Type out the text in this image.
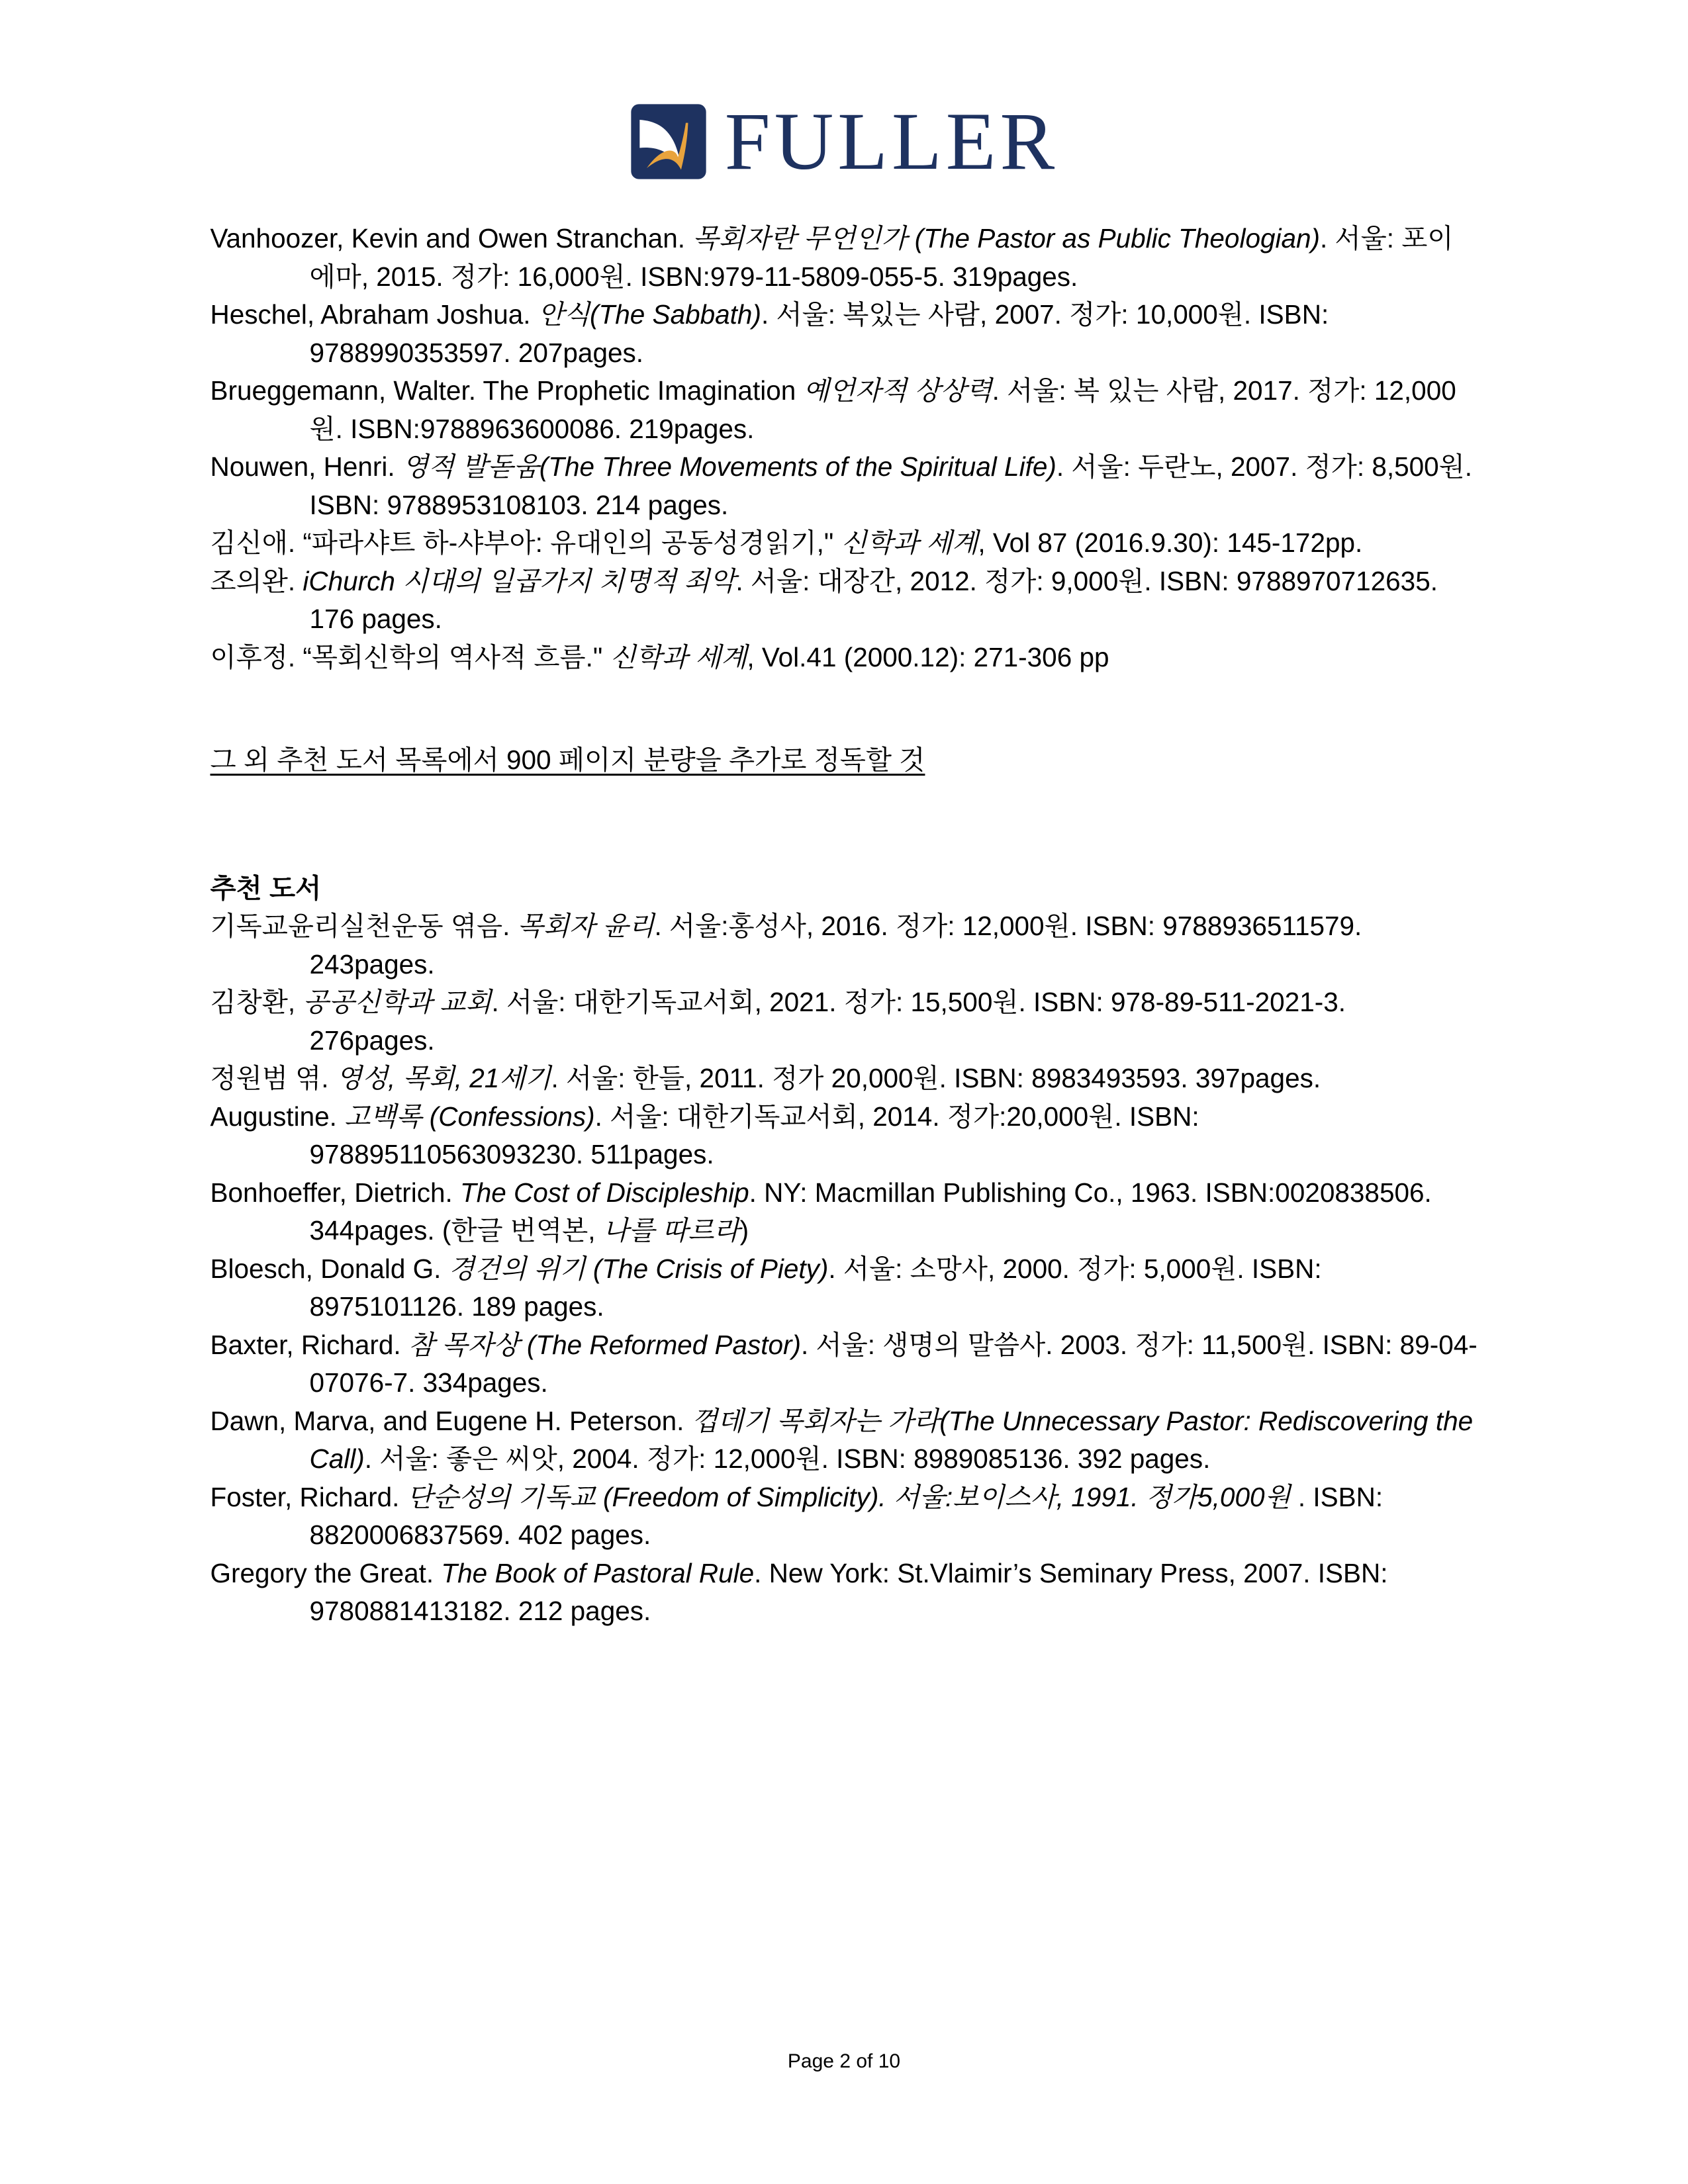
FULLER

Vanhoozer, Kevin and Owen Stranchan. 목회자란 무언인가 (The Pastor as Public Theologian). 서울: 포이에마, 2015. 정가: 16,000원. ISBN:979-11-5809-055-5. 319pages.

Heschel, Abraham Joshua. 안식(The Sabbath). 서울: 복있는 사람, 2007. 정가: 10,000원. ISBN: 9788990353597. 207pages.

Brueggemann, Walter. The Prophetic Imagination 예언자적 상상력. 서울: 복 있는 사람, 2017. 정가: 12,000원. ISBN:9788963600086. 219pages.

Nouwen, Henri. 영적 발돋움(The Three Movements of the Spiritual Life). 서울: 두란노, 2007. 정가: 8,500원. ISBN: 9788953108103. 214 pages.

김신애. “파라샤트 하-샤부아: 유대인의 공동성경읽기," 신학과 세계, Vol 87 (2016.9.30): 145-172pp.

조의완. iChurch 시대의 일곱가지 치명적 죄악. 서울: 대장간, 2012. 정가: 9,000원. ISBN: 9788970712635. 176 pages.

이후정. “목회신학의 역사적 흐름." 신학과 세계, Vol.41 (2000.12): 271-306 pp

그 외 추천 도서 목록에서 900 페이지 분량을 추가로 정독할 것

추천 도서

기독교윤리실천운동 엮음. 목회자 윤리. 서울:홍성사, 2016. 정가: 12,000원. ISBN: 9788936511579. 243pages.

김창환, 공공신학과 교회. 서울: 대한기독교서회, 2021. 정가: 15,500원. ISBN: 978-89-511-2021-3. 276pages.

정원범 엮. 영성, 목회, 21세기. 서울: 한들, 2011. 정가 20,000원. ISBN: 8983493593. 397pages.

Augustine. 고백록 (Confessions). 서울: 대한기독교서회, 2014. 정가:20,000원. ISBN: 978895110563093230. 511pages.

Bonhoeffer, Dietrich. The Cost of Discipleship. NY: Macmillan Publishing Co., 1963. ISBN:0020838506. 344pages. (한글 번역본, 나를 따르라)

Bloesch, Donald G. 경건의 위기 (The Crisis of Piety). 서울: 소망사, 2000. 정가: 5,000원. ISBN: 8975101126. 189 pages.

Baxter, Richard. 참 목자상 (The Reformed Pastor). 서울: 생명의 말씀사. 2003. 정가: 11,500원. ISBN: 89-04-07076-7. 334pages.

Dawn, Marva, and Eugene H. Peterson. 껍데기 목회자는 가라(The Unnecessary Pastor: Rediscovering the Call). 서울: 좋은 씨앗, 2004. 정가: 12,000원. ISBN: 8989085136. 392 pages.

Foster, Richard. 단순성의 기독교 (Freedom of Simplicity). 서울:보이스사, 1991. 정가5,000원 . ISBN: 8820006837569. 402 pages.

Gregory the Great. The Book of Pastoral Rule. New York: St.Vlaimir’s Seminary Press, 2007. ISBN: 9780881413182. 212 pages.

Page 2 of 10
